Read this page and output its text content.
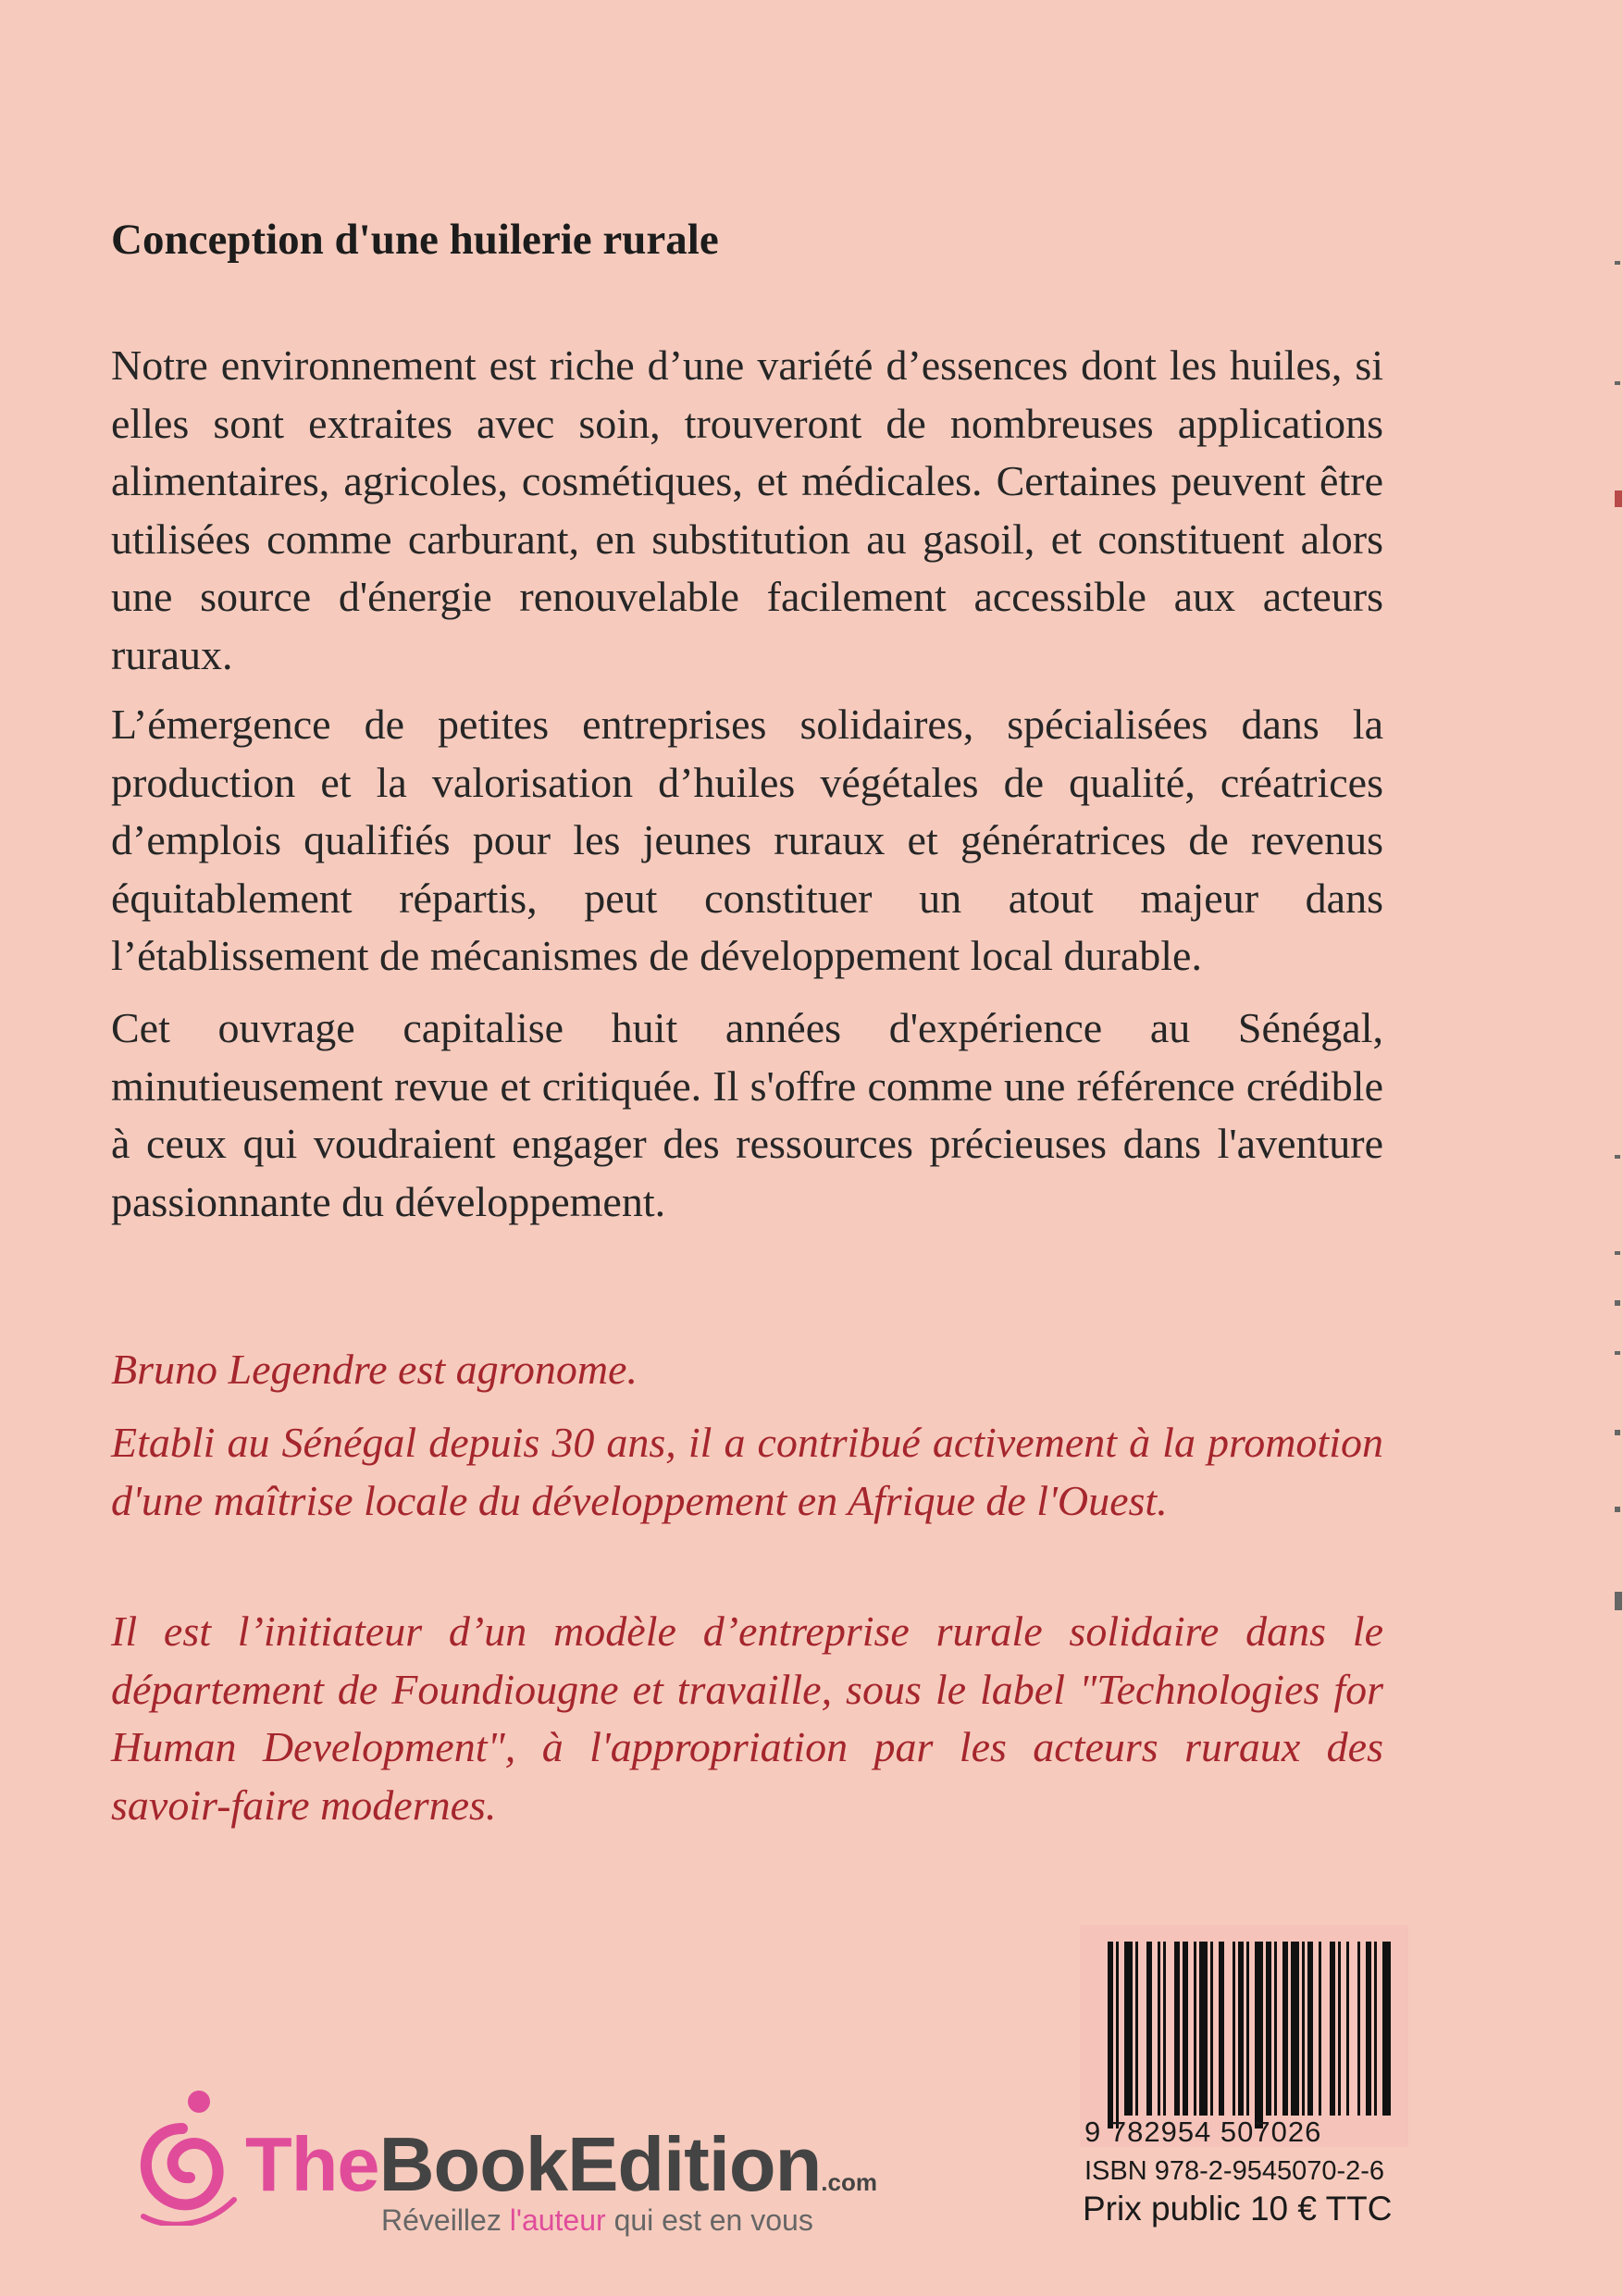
Conception d'une huilerie rurale
Notre environnement est riche d’une variété d’essences dont les huiles, si elles sont extraites avec soin, trouveront de nombreuses applications alimentaires, agricoles, cosmétiques, et médicales. Certaines peuvent être utilisées comme carburant, en substitution au gasoil, et constituent alors une source d'énergie renouvelable facilement accessible aux acteurs ruraux.
L’émergence de petites entreprises solidaires, spécialisées dans la production et la valorisation d’huiles végétales de qualité, créatrices d’emplois qualifiés pour les jeunes ruraux et génératrices de revenus équitablement répartis, peut constituer un atout majeur dans l’établissement de mécanismes de développement local durable.
Cet ouvrage capitalise huit années d'expérience au Sénégal, minutieusement revue et critiquée. Il s'offre comme une référence crédible à ceux qui voudraient engager des ressources précieuses dans l'aventure passionnante du développement.
Bruno Legendre est agronome.
Etabli au Sénégal depuis 30 ans, il a contribué activement à la promotion d'une maîtrise locale du développement en Afrique de l'Ouest.
Il est l’initiateur d’un modèle d’entreprise rurale solidaire dans le département de Foundiougne et travaille, sous le label "Technologies for Human Development", à l'appropriation par les acteurs ruraux des savoir-faire modernes.
9 782954 507026
ISBN 978-2-9545070-2-6
Prix public 10 € TTC
TheBookEdition.com
Réveillez l'auteur qui est en vous
